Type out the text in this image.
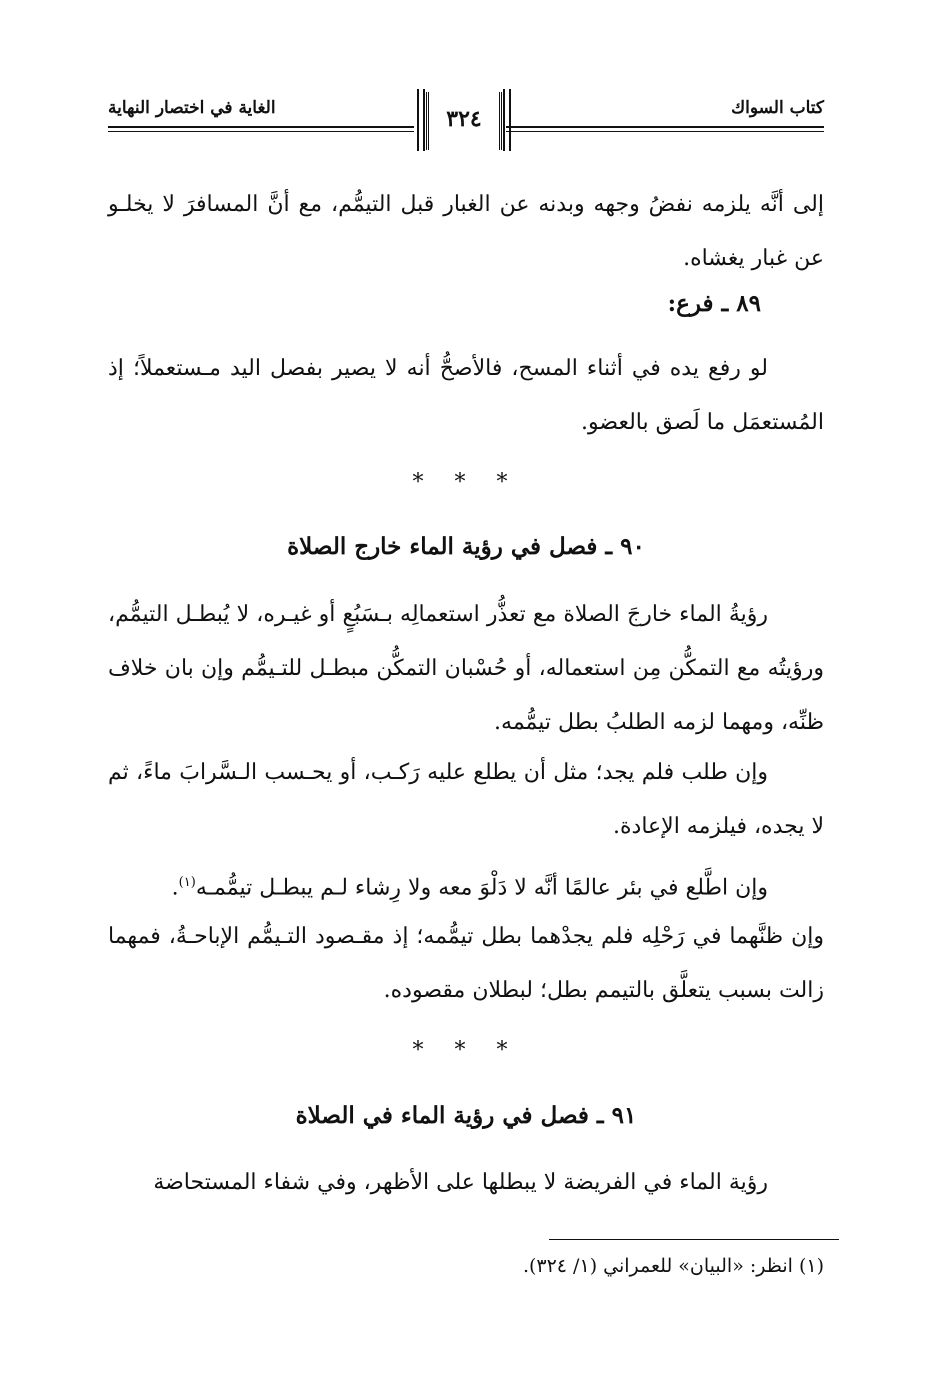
الغاية في اختصار النهاية	كتاب السواك
٣٢٤
إلى أنَّه يلزمه نفضُ وجهه وبدنه عن الغبار قبل التيمُّم، مع أنَّ المسافرَ لا يخلـو عن غبار يغشاه.
٨٩ ـ فرع:
لو رفع يده في أثناء المسح، فالأصحُّ أنه لا يصير بفصل اليد مـستعملاً؛ إذ المُستعمَل ما لَصق بالعضو.
* * *
٩٠ ـ فصل في رؤية الماء خارج الصلاة
رؤيةُ الماء خارجَ الصلاة مع تعذُّر استعمالِه بـسَبُعٍ أو غيـره، لا يُبطـل التيمُّم، ورؤيتُه مع التمكُّن مِن استعماله، أو حُسْبان التمكُّن مبطـل للتـيمُّم وإن بان خلاف ظنِّه، ومهما لزمه الطلبُ بطل تيمُّمه.
وإن طلب فلم يجد؛ مثل أن يطلع عليه رَكـب، أو يحـسب الـسَّرابَ ماءً، ثم لا يجده، فيلزمه الإعادة.
وإن اطَّلع في بئر عالمًا أنَّه لا دَلْوَ معه ولا رِشاء لـم يبطـل تيمُّمـه$^{(١)}$.
وإن ظنَّهما في رَحْلِه فلم يجدْهما بطل تيمُّمه؛ إذ مقـصود التـيمُّم الإباحـةُ، فمهما زالت بسبب يتعلَّق بالتيمم بطل؛ لبطلان مقصوده.
* * *
٩١ ـ فصل في رؤية الماء في الصلاة
رؤية الماء في الفريضة لا يبطلها على الأظهر، وفي شفاء المستحاضة
(١) انظر: «البيان» للعمراني (١/ ٣٢٤).
